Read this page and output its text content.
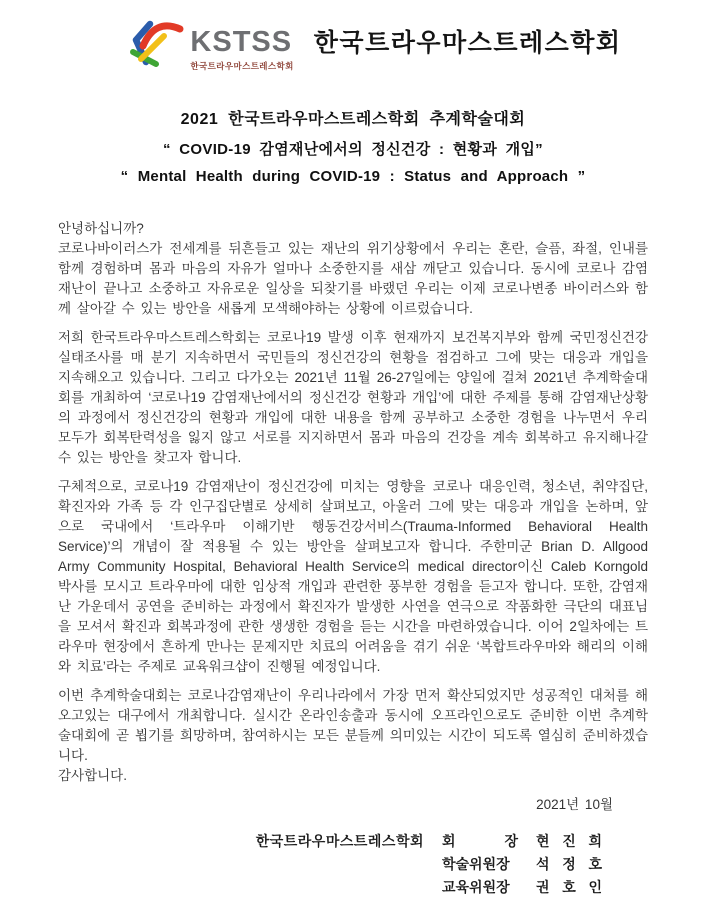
KSTSS
한국트라우마스트레스학회
한국트라우마스트레스학회
2021 한국트라우마스트레스학회 추계학술대회
“ COVID-19 감염재난에서의 정신건강 : 현황과 개입”
“ Mental Health during COVID-19 : Status and Approach ”

안녕하십니까?

코로나바이러스가 전세계를 뒤흔들고 있는 재난의 위기상황에서 우리는 혼란, 슬픔, 좌절, 인내를 함께 경험하며 몸과 마음의 자유가 얼마나 소중한지를 새삼 깨닫고 있습니다. 동시에 코로나 감염재난이 끝나고 소중하고 자유로운 일상을 되찾기를 바랬던 우리는 이제 코로나변종 바이러스와 함께 살아갈 수 있는 방안을 새롭게 모색해야하는 상황에 이르렀습니다.

저희 한국트라우마스트레스학회는 코로나19 발생 이후 현재까지 보건복지부와 함께 국민정신건강 실태조사를 매 분기 지속하면서 국민들의 정신건강의 현황을 점검하고 그에 맞는 대응과 개입을 지속해오고 있습니다. 그리고 다가오는 2021년 11월 26-27일에는 양일에 걸쳐 2021년 추계학술대회를 개최하여 ‘코로나19 감염재난에서의 정신건강 현황과 개입’에 대한 주제를 통해 감염재난상황의 과정에서 정신건강의 현황과 개입에 대한 내용을 함께 공부하고 소중한 경험을 나누면서 우리 모두가 회복탄력성을 잃지 않고 서로를 지지하면서 몸과 마음의 건강을 계속 회복하고 유지해나갈 수 있는 방안을 찾고자 합니다.

구체적으로, 코로나19 감염재난이 정신건강에 미치는 영향을 코로나 대응인력, 청소년, 취약집단, 확진자와 가족 등 각 인구집단별로 상세히 살펴보고, 아울러 그에 맞는 대응과 개입을 논하며, 앞으로 국내에서 ‘트라우마 이해기반 행동건강서비스(Trauma-Informed Behavioral Health Service)’의 개념이 잘 적용될 수 있는 방안을 살펴보고자 합니다. 주한미군 Brian D. Allgood Army Community Hospital, Behavioral Health Service의 medical director이신 Caleb Korngold 박사를 모시고 트라우마에 대한 임상적 개입과 관련한 풍부한 경험을 듣고자 합니다. 또한, 감염재난 가운데서 공연을 준비하는 과정에서 확진자가 발생한 사연을 연극으로 작품화한 극단의 대표님을 모셔서 확진과 회복과정에 관한 생생한 경험을 듣는 시간을 마련하였습니다. 이어 2일차에는 트라우마 현장에서 흔하게 만나는 문제지만 치료의 어려움을 겪기 쉬운 ‘복합트라우마와 해리의 이해와 치료’라는 주제로 교육워크샵이 진행될 예정입니다.

이번 추계학술대회는 코로나감염재난이 우리나라에서 가장 먼저 확산되었지만 성공적인 대처를 해오고있는 대구에서 개최합니다. 실시간 온라인송출과 동시에 오프라인으로도 준비한 이번 추계학술대회에 곧 뵙기를 희망하며, 참여하시는 모든 분들께 의미있는 시간이 되도록 열심히 준비하겠습니다.

감사합니다.

2021년 10월
한국트라우마스트레스학회 회 장 현 진 희
학술위원장	석 정 호
교육위원장	권 호 인
